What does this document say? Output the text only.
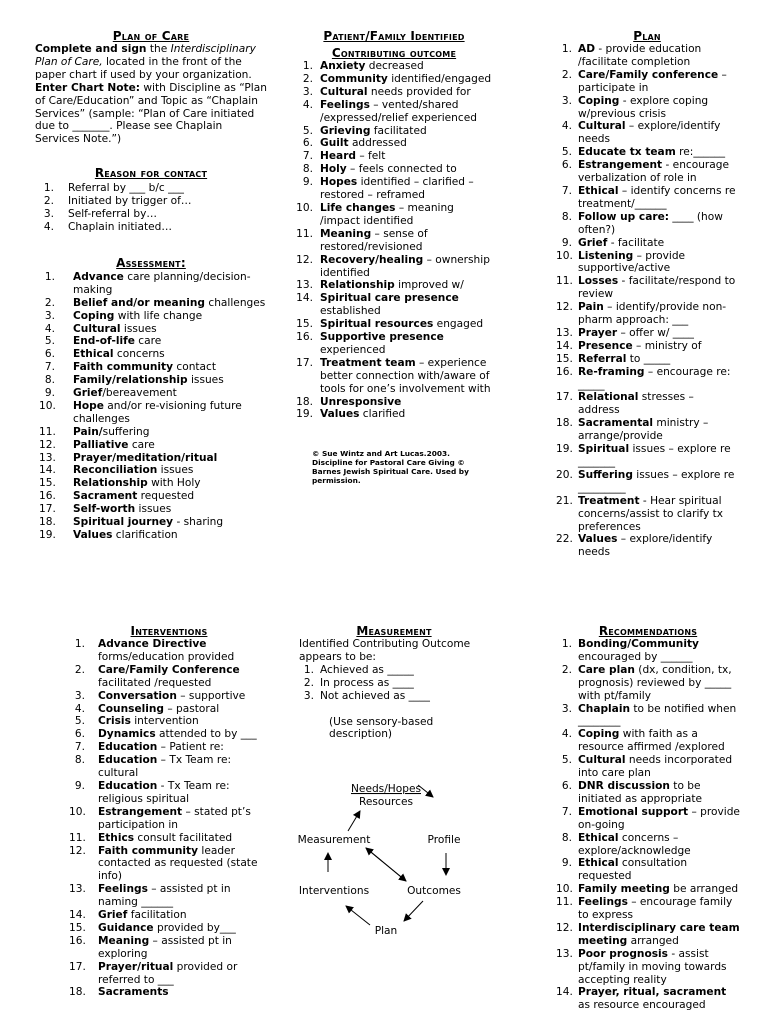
Plan of Care

Complete and sign the Interdisciplinary Plan of Care, located in the front of the paper chart if used by your organization.

Enter Chart Note: with Discipline as “Plan of Care/Education” and Topic as “Chaplain Services” (sample: “Plan of Care initiated due to _______. Please see Chaplain Services Note.”)

Reason for contact
1. Referral by ___ b/c ___
2. Initiated by trigger of…
3. Self-referral by…
4. Chaplain initiated…
Assessment:
1. Advance care planning/decision-making
2. Belief and/or meaning challenges
3. Coping with life change
4. Cultural issues
5. End-of-life care
6. Ethical concerns
7. Faith community contact
8. Family/relationship issues
9. Grief/bereavement
10. Hope and/or re-visioning future challenges
11. Pain/suffering
12. Palliative care
13. Prayer/meditation/ritual
14. Reconciliation issues
15. Relationship with Holy
16. Sacrament requested
17. Self-worth issues
18. Spiritual journey - sharing
19. Values clarification
Patient/Family Identified
Contributing outcome
1. Anxiety decreased
2. Community identified/engaged
3. Cultural needs provided for
4. Feelings – vented/shared /expressed/relief experienced
5. Grieving facilitated
6. Guilt addressed
7. Heard – felt
8. Holy – feels connected to
9. Hopes identified – clarified –restored – reframed
10. Life changes – meaning /impact identified
11. Meaning – sense of restored/revisioned
12. Recovery/healing – ownership identified
13. Relationship improved w/
14. Spiritual care presence established
15. Spiritual resources engaged
16. Supportive presence experienced
17. Treatment team – experience better connection with/aware of tools for one’s involvement with
18. Unresponsive
19. Values clarified
© Sue Wintz and Art Lucas.2003. Discipline for Pastoral Care Giving © Barnes Jewish Spiritual Care. Used by permission.
Plan
1. AD - provide education /facilitate completion
2. Care/Family conference – participate in
3. Coping - explore coping w/previous crisis
4. Cultural – explore/identify needs
5. Educate tx team re:______
6. Estrangement - encourage verbalization of role in
7. Ethical – identify concerns re treatment/______
8. Follow up care: ____ (how often?)
9. Grief - facilitate
10. Listening – provide supportive/active
11. Losses - facilitate/respond to review
12. Pain – identify/provide non-pharm approach: ___
13. Prayer – offer w/ ____
14. Presence – ministry of
15. Referral to _____
16. Re-framing – encourage re: _____
17. Relational stresses – address
18. Sacramental ministry – arrange/provide
19. Spiritual issues – explore re _______
20. Suffering issues – explore re _________
21. Treatment - Hear spiritual concerns/assist to clarify tx preferences
22. Values – explore/identify needs
Interventions
1. Advance Directive forms/education provided
2. Care/Family Conference facilitated /requested
3. Conversation – supportive
4. Counseling – pastoral
5. Crisis intervention
6. Dynamics attended to by ___
7. Education – Patient re:
8. Education – Tx Team re: cultural
9. Education - Tx Team re: religious spiritual
10. Estrangement – stated pt’s participation in
11. Ethics consult facilitated
12. Faith community leader contacted as requested (state info)
13. Feelings – assisted pt in naming ______
14. Grief facilitation
15. Guidance provided by___
16. Meaning – assisted pt in exploring
17. Prayer/ritual provided or referred to ___
18. Sacraments
Measurement

Identified Contributing Outcome appears to be:

1. Achieved as _____
2. In process as ____
3. Not achieved as ____

(Use sensory-based description)

Needs/Hopes
Resources
Profile
Measurement
Interventions	Outcomes
Plan
Recommendations
1. Bonding/Community encouraged by ______
2. Care plan (dx, condition, tx, prognosis) reviewed by _____ with pt/family
3. Chaplain to be notified when ________
4. Coping with faith as a resource affirmed /explored
5. Cultural needs incorporated into care plan
6. DNR discussion to be initiated as appropriate
7. Emotional support – provide on-going
8. Ethical concerns – explore/acknowledge
9. Ethical consultation requested
10. Family meeting be arranged
11. Feelings – encourage family to express
12. Interdisciplinary care team meeting arranged
13. Poor prognosis - assist pt/family in moving towards accepting reality
14. Prayer, ritual, sacrament as resource encouraged
